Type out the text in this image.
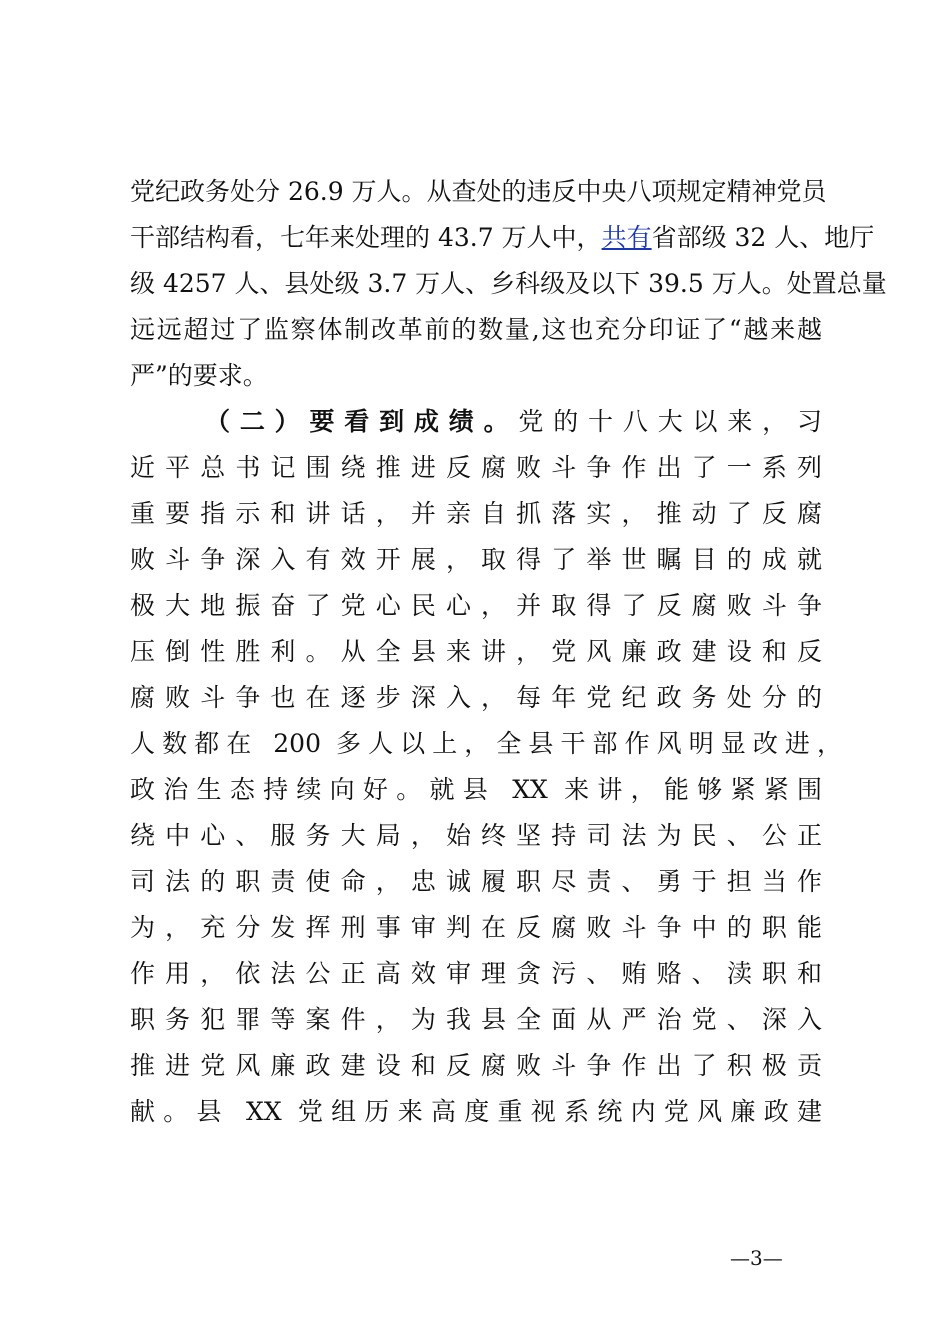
党纪政务处分 26.9 万人。从查处的违反中央八项规定精神党员
干部结构看，七年来处理的 43.7 万人中，共有省部级 32 人、地厅
级 4257 人、县处级 3.7 万人、乡科级及以下 39.5 万人。处置总量
远远超过了监察体制改革前的数量,这也充分印证了“越来越
严”的要求。
（二）要看到成绩。党的十八大以来，习
近平总书记围绕推进反腐败斗争作出了一系列
重要指示和讲话，并亲自抓落实，推动了反腐
败斗争深入有效开展，取得了举世瞩目的成就
极大地振奋了党心民心，并取得了反腐败斗争
压倒性胜利。从全县来讲，党风廉政建设和反
腐败斗争也在逐步深入，每年党纪政务处分的
人数都在 200 多人以上，全县干部作风明显改进，
政治生态持续向好。就县 XX 来讲，能够紧紧围
绕中心、服务大局，始终坚持司法为民、公正
司法的职责使命，忠诚履职尽责、勇于担当作
为，充分发挥刑事审判在反腐败斗争中的职能
作用，依法公正高效审理贪污、贿赂、渎职和
职务犯罪等案件，为我县全面从严治党、深入
推进党风廉政建设和反腐败斗争作出了积极贡
献。县 XX 党组历来高度重视系统内党风廉政建
—3—
